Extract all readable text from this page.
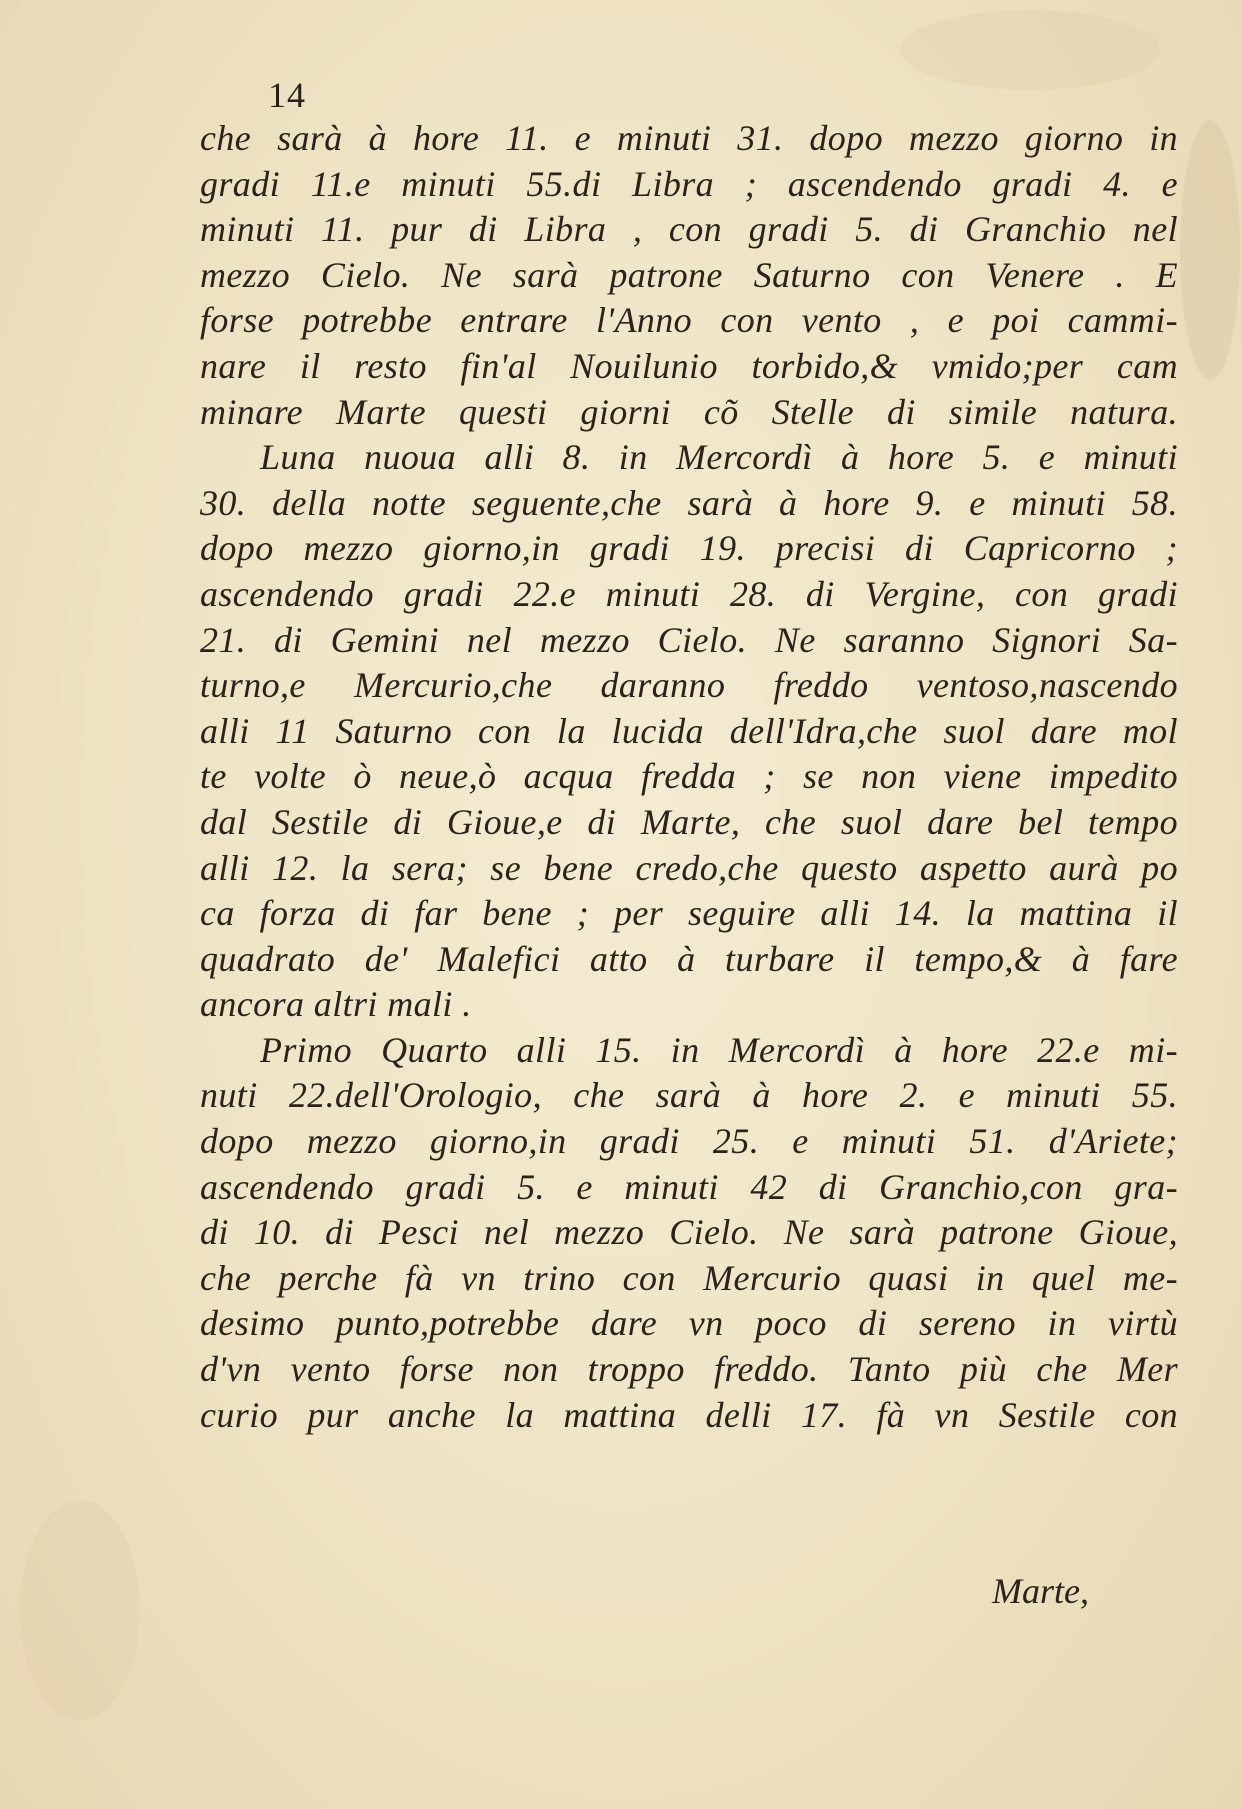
14
che sarà à hore 11. e minuti 31. dopo mezzo giorno in
gradi 11.e minuti 55.di Libra ; ascendendo gradi 4. e
minuti 11. pur di Libra , con gradi 5. di Granchio nel
mezzo Cielo. Ne sarà patrone Saturno con Venere . E
forse potrebbe entrare l'Anno con vento , e poi cammi-
nare il resto fin'al Nouilunio torbido,& vmido;per cam
minare Marte questi giorni cõ Stelle di simile natura.
Luna nuoua alli 8. in Mercordì à hore 5. e minuti
30. della notte seguente,che sarà à hore 9. e minuti 58.
dopo mezzo giorno,in gradi 19. precisi di Capricorno ;
ascendendo gradi 22.e minuti 28. di Vergine, con gradi
21. di Gemini nel mezzo Cielo. Ne saranno Signori Sa-
turno,e Mercurio,che daranno freddo ventoso,nascendo
alli 11 Saturno con la lucida dell'Idra,che suol dare mol
te volte ò neue,ò acqua fredda ; se non viene impedito
dal Sestile di Gioue,e di Marte, che suol dare bel tempo
alli 12. la sera; se bene credo,che questo aspetto aurà po
ca forza di far bene ; per seguire alli 14. la mattina il
quadrato de' Malefici atto à turbare il tempo,& à fare
ancora altri mali .
Primo Quarto alli 15. in Mercordì à hore 22.e mi-
nuti 22.dell'Orologio, che sarà à hore 2. e minuti 55.
dopo mezzo giorno,in gradi 25. e minuti 51. d'Ariete;
ascendendo gradi 5. e minuti 42 di Granchio,con gra-
di 10. di Pesci nel mezzo Cielo. Ne sarà patrone Gioue,
che perche fà vn trino con Mercurio quasi in quel me-
desimo punto,potrebbe dare vn poco di sereno in virtù
d'vn vento forse non troppo freddo. Tanto più che Mer
curio pur anche la mattina delli 17. fà vn Sestile con
Marte,
